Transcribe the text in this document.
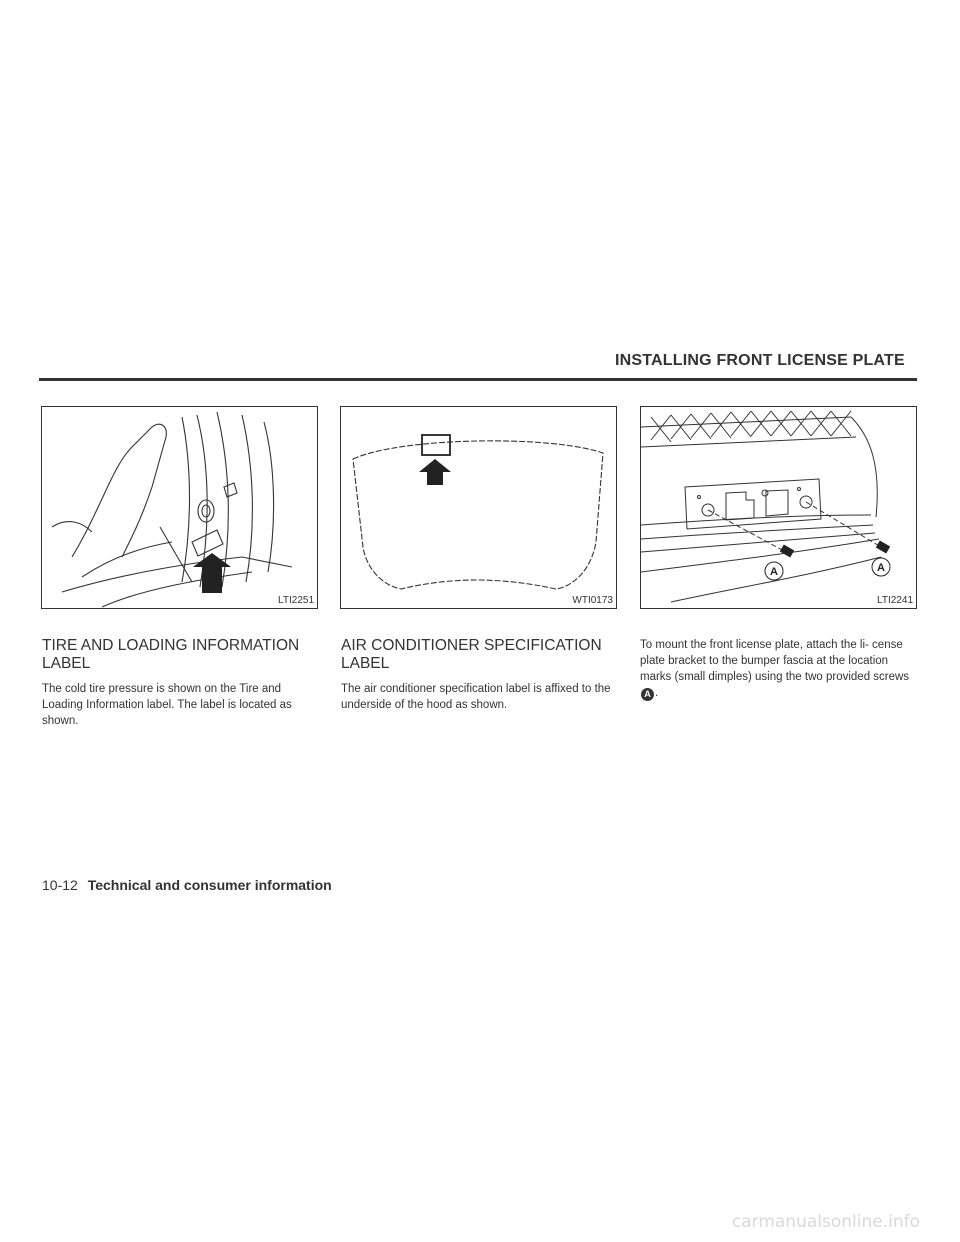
INSTALLING FRONT LICENSE PLATE
LTI2251	WTI0173
A	A
LTI2241
TIRE AND LOADING INFORMATION LABEL
The cold tire pressure is shown on the Tire and Loading Information label. The label is located as shown.
AIR CONDITIONER SPECIFICATION LABEL
The air conditioner specification label is affixed to the underside of the hood as shown.
To mount the front license plate, attach the li- cense plate bracket to the bumper fascia at the location marks (small dimples) using the two provided screws A .
10-12 Technical and consumer information
carmanualsonline.info
